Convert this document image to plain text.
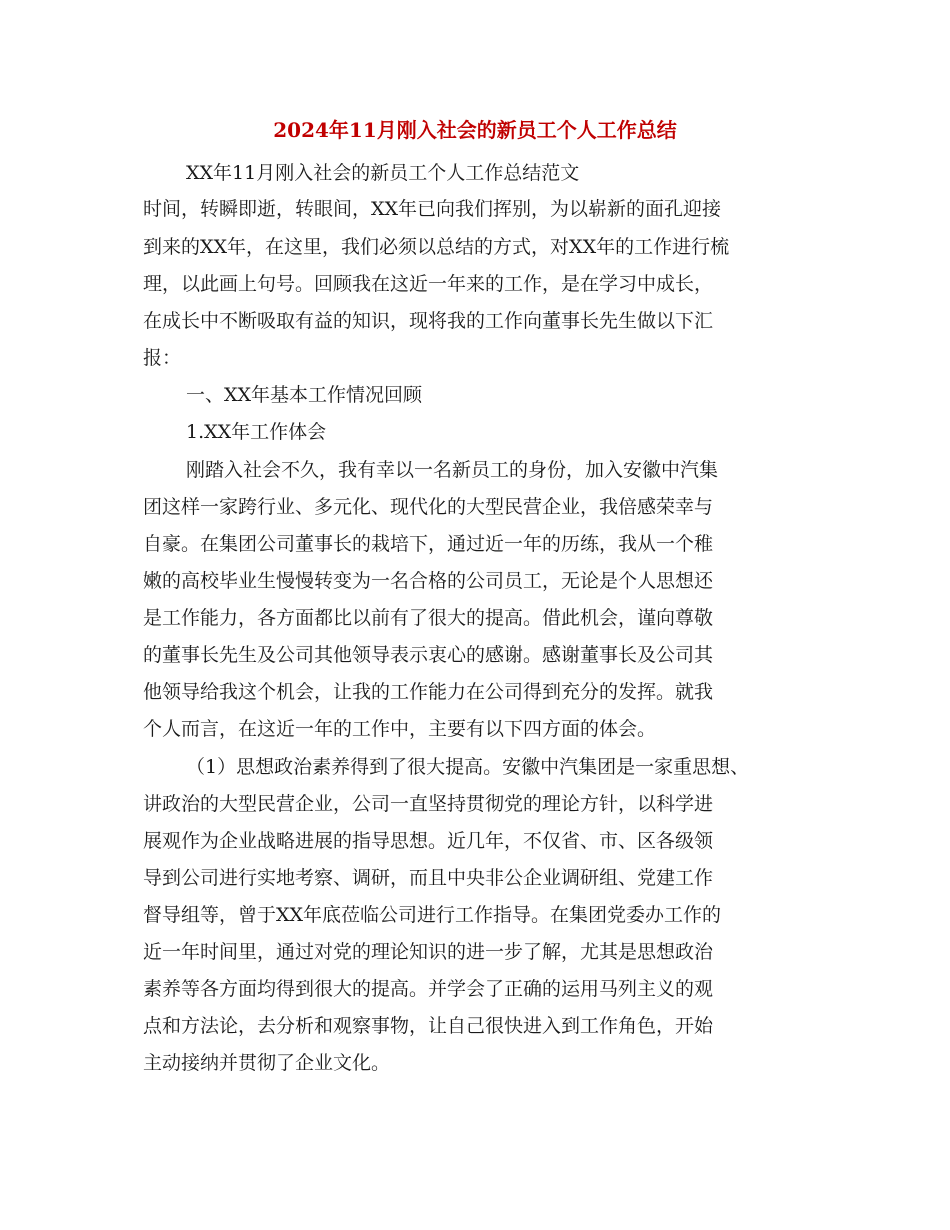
2024年11月刚入社会的新员工个人工作总结
XX年11月刚入社会的新员工个人工作总结范文
时间，转瞬即逝，转眼间，XX年已向我们挥别，为以崭新的面孔迎接
到来的XX年，在这里，我们必须以总结的方式，对XX年的工作进行梳
理，以此画上句号。回顾我在这近一年来的工作，是在学习中成长，
在成长中不断吸取有益的知识，现将我的工作向董事长先生做以下汇
报：
一、XX年基本工作情况回顾
1.XX年工作体会
刚踏入社会不久，我有幸以一名新员工的身份，加入安徽中汽集
团这样一家跨行业、多元化、现代化的大型民营企业，我倍感荣幸与
自豪。在集团公司董事长的栽培下，通过近一年的历练，我从一个稚
嫩的高校毕业生慢慢转变为一名合格的公司员工，无论是个人思想还
是工作能力，各方面都比以前有了很大的提高。借此机会，谨向尊敬
的董事长先生及公司其他领导表示衷心的感谢。感谢董事长及公司其
他领导给我这个机会，让我的工作能力在公司得到充分的发挥。就我
个人而言，在这近一年的工作中，主要有以下四方面的体会。
（1）思想政治素养得到了很大提高。安徽中汽集团是一家重思想、
讲政治的大型民营企业，公司一直坚持贯彻党的理论方针，以科学进
展观作为企业战略进展的指导思想。近几年，不仅省、市、区各级领
导到公司进行实地考察、调研，而且中央非公企业调研组、党建工作
督导组等，曾于XX年底莅临公司进行工作指导。在集团党委办工作的
近一年时间里，通过对党的理论知识的进一步了解，尤其是思想政治
素养等各方面均得到很大的提高。并学会了正确的运用马列主义的观
点和方法论，去分析和观察事物，让自己很快进入到工作角色，开始
主动接纳并贯彻了企业文化。
